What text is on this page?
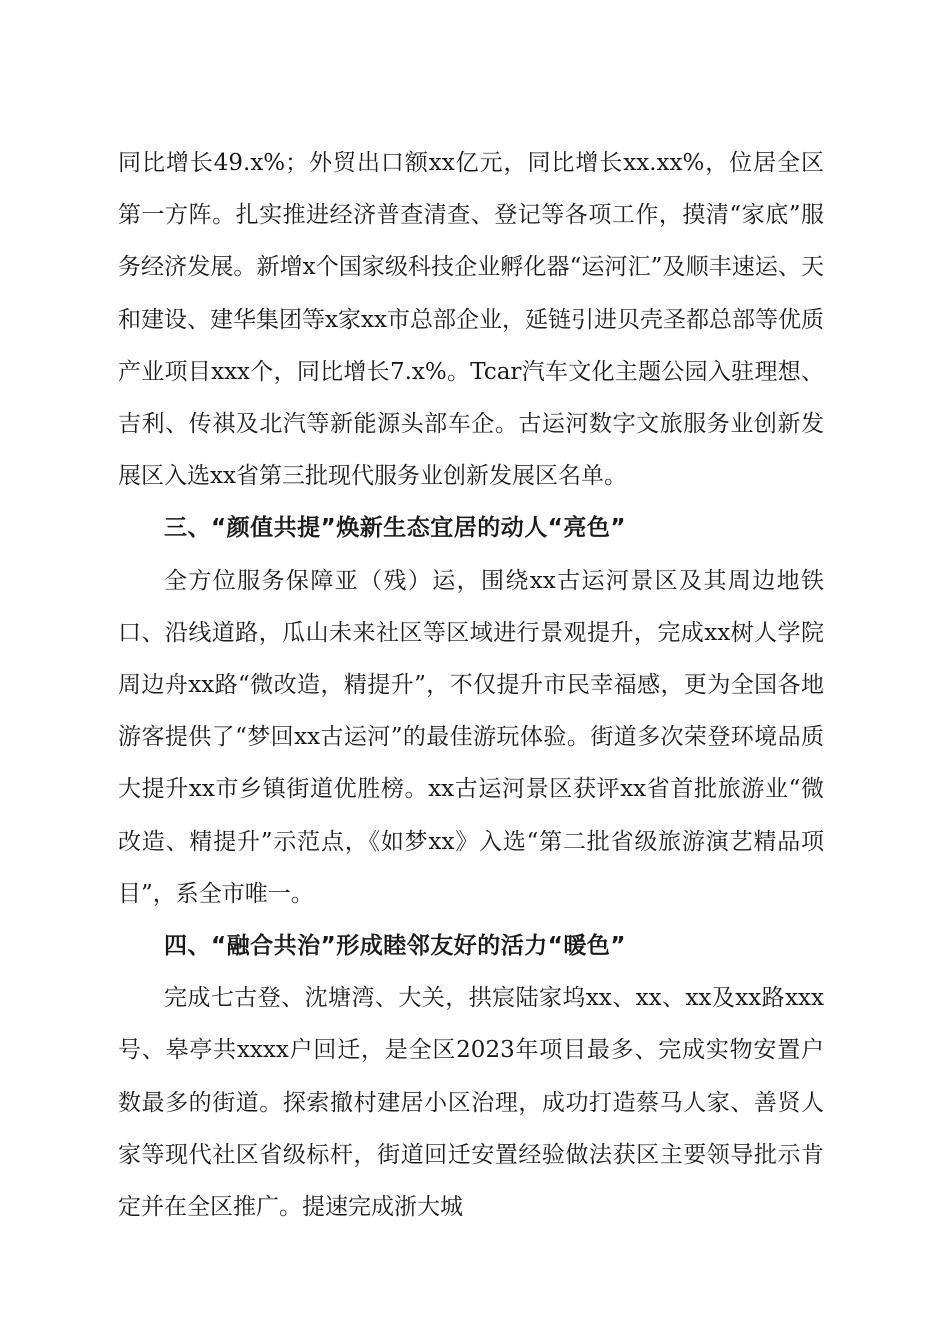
同比增长49.x%；外贸出口额xx亿元，同比增长xx.xx%，位居全区第一方阵。扎实推进经济普查清查、登记等各项工作，摸清“家底”服务经济发展。新增x个国家级科技企业孵化器“运河汇”及顺丰速运、天和建设、建华集团等x家xx市总部企业，延链引进贝壳圣都总部等优质产业项目xxx个，同比增长7.x%。Tcar汽车文化主题公园入驻理想、吉利、传祺及北汽等新能源头部车企。古运河数字文旅服务业创新发展区入选xx省第三批现代服务业创新发展区名单。

三、“颜值共提”焕新生态宜居的动人“亮色”

全方位服务保障亚（残）运，围绕xx古运河景区及其周边地铁口、沿线道路，瓜山未来社区等区域进行景观提升，完成xx树人学院周边舟xx路“微改造，精提升”，不仅提升市民幸福感，更为全国各地游客提供了“梦回xx古运河”的最佳游玩体验。街道多次荣登环境品质大提升xx市乡镇街道优胜榜。xx古运河景区获评xx省首批旅游业“微改造、精提升”示范点，《如梦xx》入选“第二批省级旅游演艺精品项目”，系全市唯一。

四、“融合共治”形成睦邻友好的活力“暖色”

完成七古登、沈塘湾、大关，拱宸陆家坞xx、xx、xx及xx路xxx号、皋亭共xxxx户回迁，是全区2023年项目最多、完成实物安置户数最多的街道。探索撤村建居小区治理，成功打造蔡马人家、善贤人家等现代社区省级标杆，街道回迁安置经验做法获区主要领导批示肯定并在全区推广。提速完成浙大城
